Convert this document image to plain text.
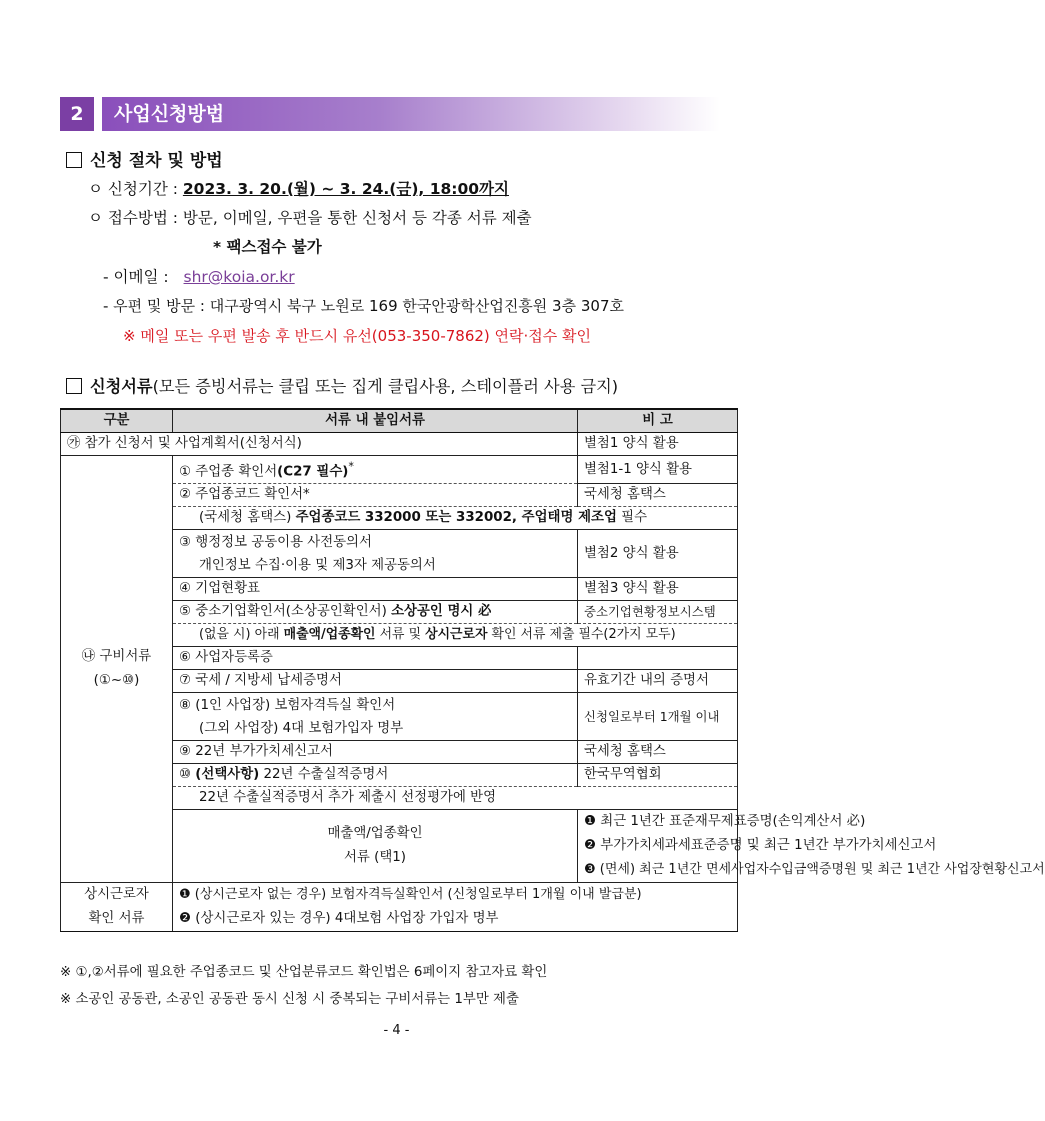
2	사업신청방법
신청 절차 및 방법
ㅇ 신청기간 : 2023. 3. 20.(월) ~ 3. 24.(금), 18:00까지
ㅇ 접수방법 : 방문, 이메일, 우편을 통한 신청서 등 각종 서류 제출
* 팩스접수 불가
- 이메일 : shr@koia.or.kr
- 우편 및 방문 : 대구광역시 북구 노원로 169 한국안광학산업진흥원 3층 307호
※ 메일 또는 우편 발송 후 반드시 유선(053-350-7862) 연락·접수 확인
신청서류(모든 증빙서류는 클립 또는 집게 클립사용, 스테이플러 사용 금지)
구분	서류 내 붙임서류	비 고
㉮ 참가 신청서 및 사업계획서(신청서식)		별첨1 양식 활용

㉯ 구비서류
(①~⑩)	① 주업종 확인서(C27 필수)*	별첨1-1 양식 활용
	② 주업종코드 확인서*	국세청 홈택스
	(국세청 홈택스) 주업종코드 332000 또는 332002, 주업태명 제조업 필수	

	③ 행정정보 공동이용 사전동의서
개인정보 수집·이용 및 제3자 제공동의서	별첨2 양식 활용
	④ 기업현황표	별첨3 양식 활용
	⑤ 중소기업확인서(소상공인확인서) 소상공인 명시 必	중소기업현황정보시스템
	(없을 시) 아래 매출액/업종확인 서류 및 상시근로자 확인 서류 제출 필수(2가지 모두)	
	⑥ 사업자등록증	
	⑦ 국세 / 지방세 납세증명서	유효기간 내의 증명서

	⑧ (1인 사업장) 보험자격득실 확인서
(그외 사업장) 4대 보험가입자 명부	신청일로부터 1개월 이내
	⑨ 22년 부가가치세신고서	국세청 홈택스
	⑩ (선택사항) 22년 수출실적증명서	한국무역협회
	22년 수출실적증명서 추가 제출시 선정평가에 반영	

	매출액/업종확인
서류 (택1)	❶ 최근 1년간 표준재무제표증명(손익계산서 必)
		❷ 부가가치세과세표준증명 및 최근 1년간 부가가치세신고서
		❸ (면세) 최근 1년간 면세사업자수입금액증명원 및 최근 1년간 사업장현황신고서

상시근로자
확인 서류	❶ (상시근로자 없는 경우) 보험자격득실확인서 (신청일로부터 1개월 이내 발급분)	
	❷ (상시근로자 있는 경우) 4대보험 사업장 가입자 명부	
※ ①,②서류에 필요한 주업종코드 및 산업분류코드 확인법은 6페이지 참고자료 확인
※ 소공인 공동관, 소공인 공동관 동시 신청 시 중복되는 구비서류는 1부만 제출
- 4 -
